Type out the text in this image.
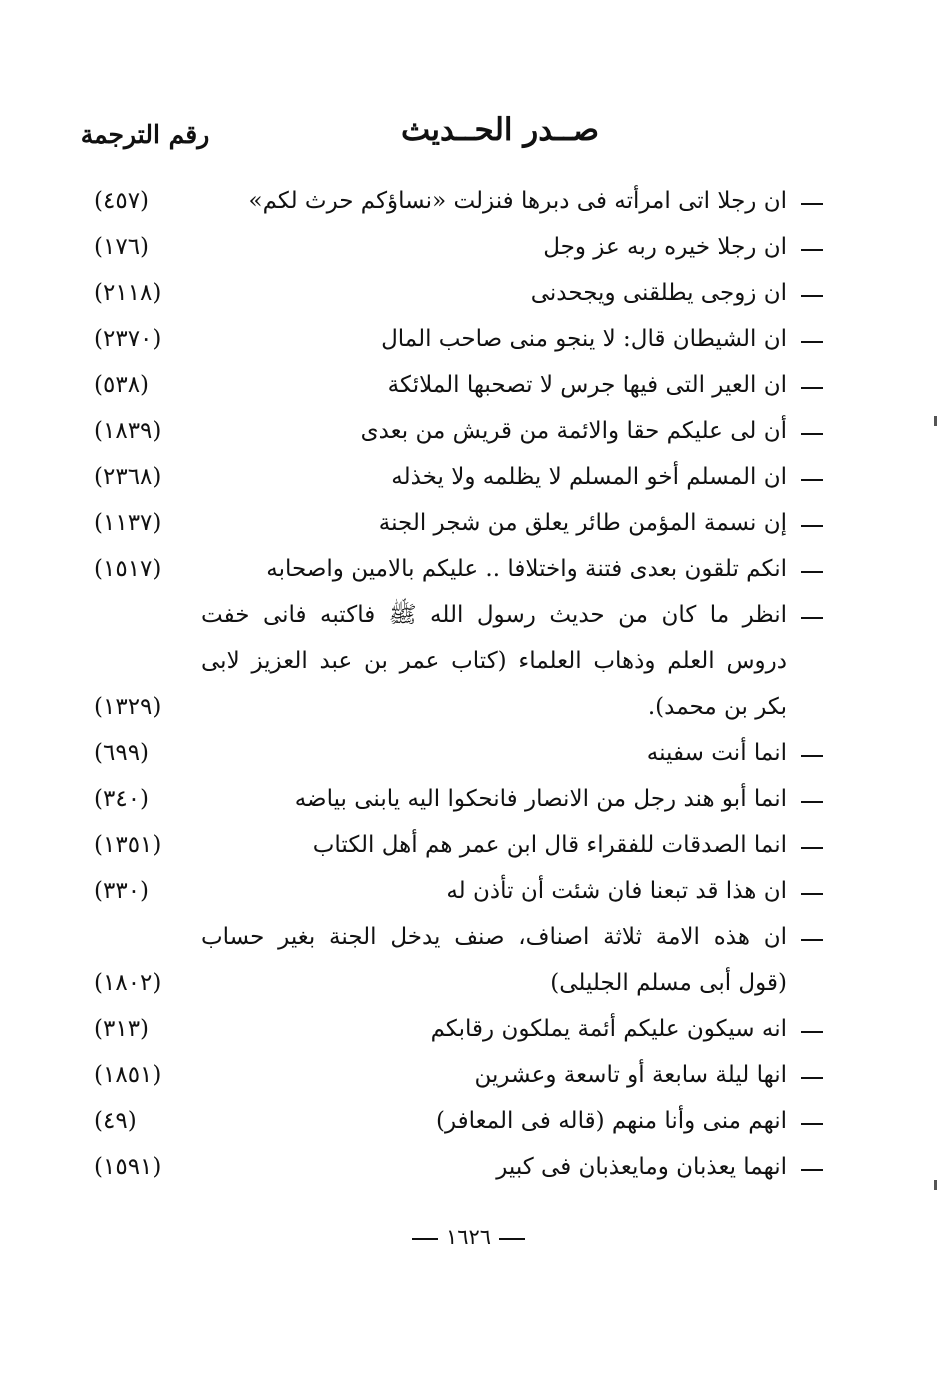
صــدر الحــديث
رقم الترجمة
ان رجلا اتى امرأته فى دبرها فنزلت «نساؤكم حرث لكم»
(٤٥٧)
ان رجلا خيره ربه عز وجل
(١٧٦)
ان زوجى يطلقنى ويجحدنى
(٢١١٨)
ان الشيطان قال: لا ينجو منى صاحب المال
(٢٣٧٠)
ان العير التى فيها جرس لا تصحبها الملائكة
(٥٣٨)
أن لى عليكم حقا والائمة من قريش من بعدى
(١٨٣٩)
ان المسلم أخو المسلم لا يظلمه ولا يخذله
(٢٣٦٨)
إن نسمة المؤمن طائر يعلق من شجر الجنة
(١١٣٧)
انكم تلقون بعدى فتنة واختلافا .. عليكم بالامين واصحابه
(١٥١٧)
انظر ما كان من حديث رسول الله ﷺ فاكتبه فانى خفت
دروس العلم وذهاب العلماء (كتاب عمر بن عبد العزيز لابى
بكر بن محمد).
(١٣٢٩)
انما أنت سفينه
(٦٩٩)
انما أبو هند رجل من الانصار فانحكوا اليه يابنى بياضه
(٣٤٠)
انما الصدقات للفقراء قال ابن عمر هم أهل الكتاب
(١٣٥١)
ان هذا قد تبعنا فان شئت أن تأذن له
(٣٣٠)
ان هذه الامة ثلاثة اصناف، صنف يدخل الجنة بغير حساب
(قول أبى مسلم الجليلى)
(١٨٠٢)
انه سيكون عليكم أئمة يملكون رقابكم
(٣١٣)
انها ليلة سابعة أو تاسعة وعشرين
(١٨٥١)
انهم منى وأنا منهم (قاله فى المعافر)
(٤٩)
انهما يعذبان ومايعذبان فى كبير
(١٥٩١)
١٦٢٦
